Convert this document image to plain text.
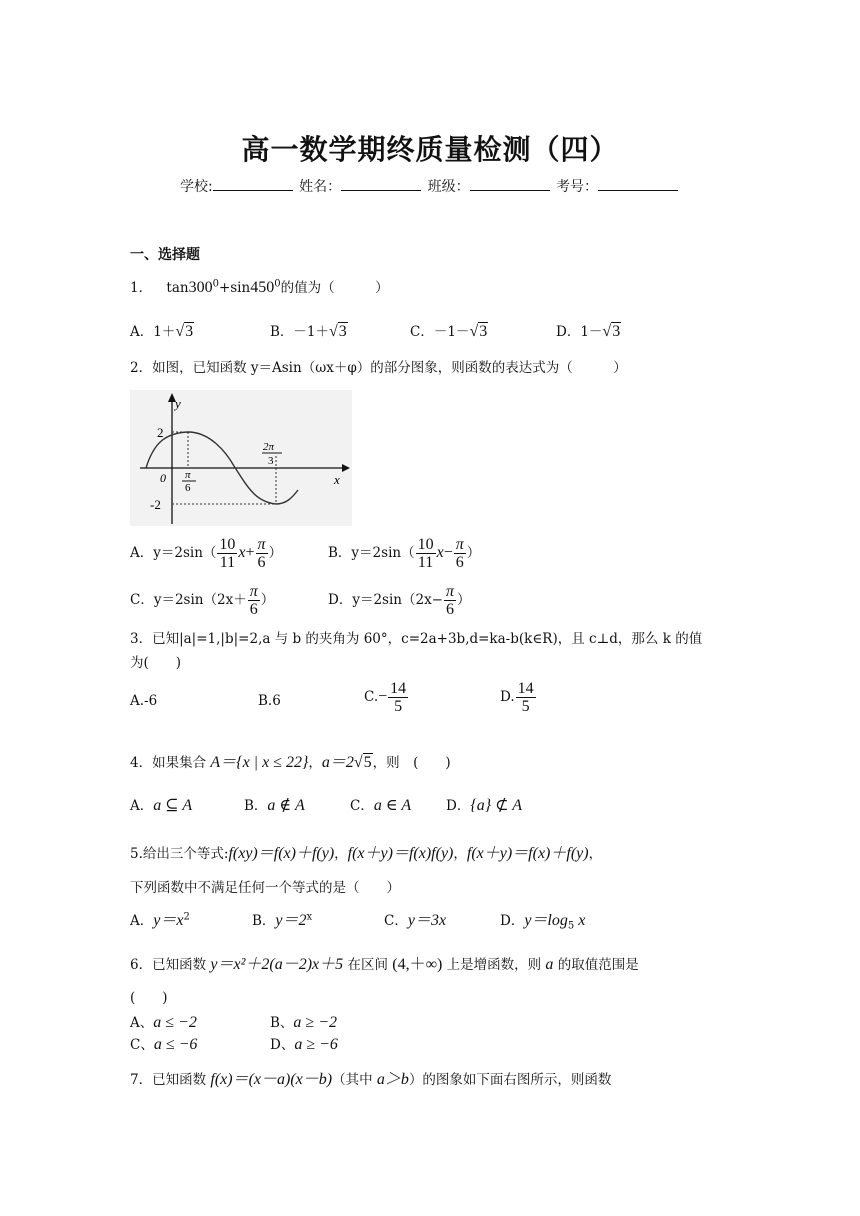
高一数学期终质量检测（四）
学校:	姓名：	班级：	考号：
一、选择题
1． $\tan 300^0+\sin 450^0$的值为（　　　）
A．1＋√3	B．－1＋√3	C．－1－√3	D．1－√3
2．如图，已知函数 y＝Asin（ωx＋φ）的部分图象，则函数的表达式为（　　　）
y
x
2
-2
0 π
6
2π
3
A．$y=2\sin( \frac{10}{11} x+ \frac{\pi}{6}$ ）	B．$y=2\sin( \frac{10}{11} x- \frac{\pi}{6}$ ）
C．$y=2\sin(2x+ \frac{\pi}{6}$ ）	D．$y=2\sin(2x- \frac{\pi}{6}$ ）
3．已知|a|=1,|b|=2,a 与 b 的夹角为 60°，c=2a+3b,d=ka-b(k∈R)，且 c⊥d，那么 k 的值
为(　　)
A.-6	B.6	$C.- \frac{14}{5}$	D. $\frac{14}{5}$
4．如果集合 A＝{x | x ≤ 22}，a＝2√5，则　(　　)
A．a ⊆ A	B．a ∉ A	C．a ∈ A	D．{a} ⊄ A
5.给出三个等式:f(xy)＝f(x)＋f(y)，f(x＋y)＝f(x)f(y)，f(x＋y)＝f(x)＋f(y)，
下列函数中不满足任何一个等式的是（　　）
A．$y=x^2$	B．$y=2^x$	C．y＝3x	D．$y=\log_5$ x
6．已知函数 y＝x²＋2(a－2)x＋5 在区间 (4,＋∞) 上是增函数，则 a 的取值范围是
(　　)
A、a ≤ −2	B、a ≥ −2
C、a ≤ −6	D、a ≥ −6
7．已知函数 f(x)＝(x－a)(x－b)（其中 a＞b）的图象如下面右图所示，则函数
